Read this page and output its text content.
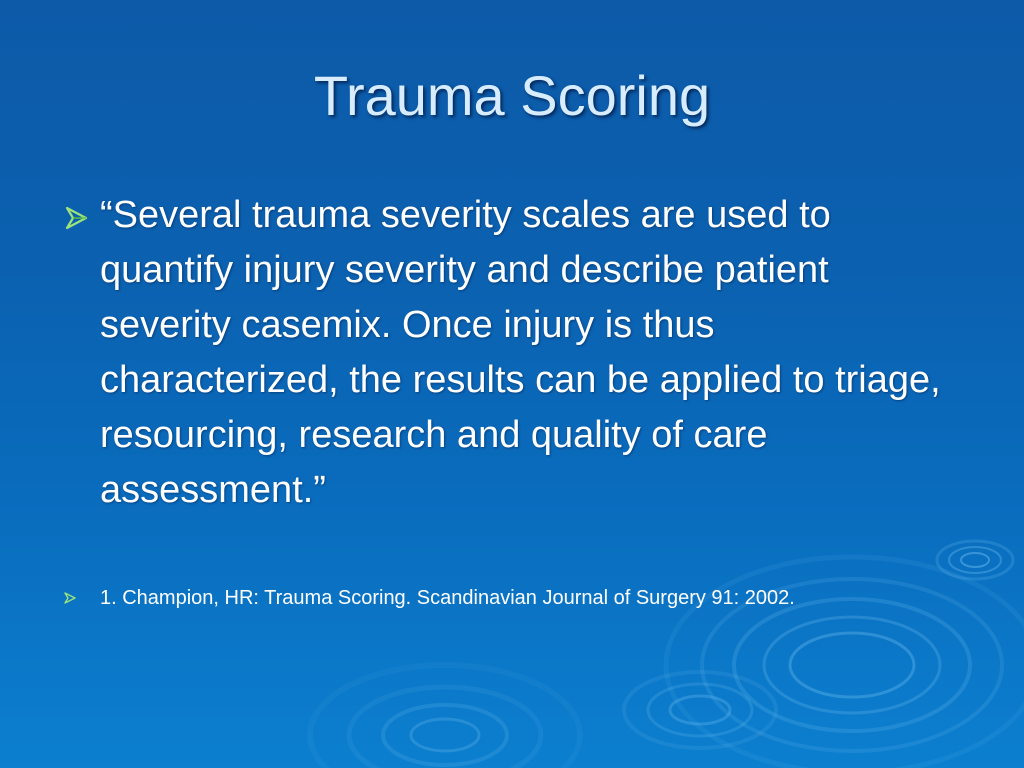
Trauma Scoring
“Several trauma severity scales are used to quantify injury severity and describe patient severity casemix. Once injury is thus characterized, the results can be applied to triage, resourcing, research and quality of care assessment.”
1. Champion, HR: Trauma Scoring. Scandinavian Journal of Surgery 91: 2002.
